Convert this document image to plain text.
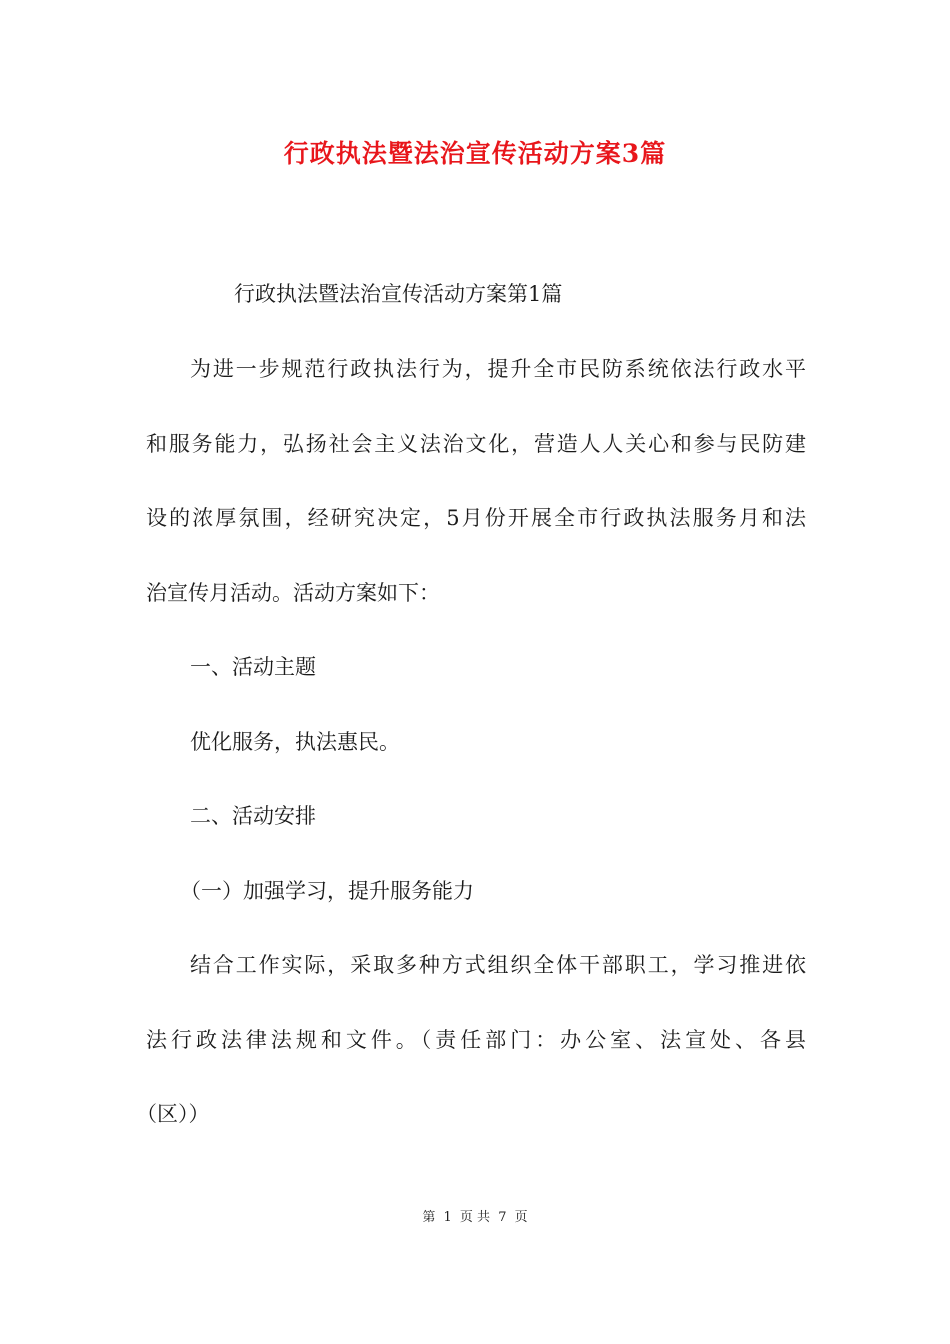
行政执法暨法治宣传活动方案3篇
行政执法暨法治宣传活动方案第1篇
为进一步规范行政执法行为，提升全市民防系统依法行政水平
和服务能力，弘扬社会主义法治文化，营造人人关心和参与民防建
设的浓厚氛围，经研究决定，5月份开展全市行政执法服务月和法
治宣传月活动。活动方案如下：
一、活动主题
优化服务，执法惠民。
二、活动安排
（一）加强学习，提升服务能力
结合工作实际，采取多种方式组织全体干部职工，学习推进依
法行政法律法规和文件。（责任部门：办公室、法宣处、各县
（区））
第 1 页 共 7 页
